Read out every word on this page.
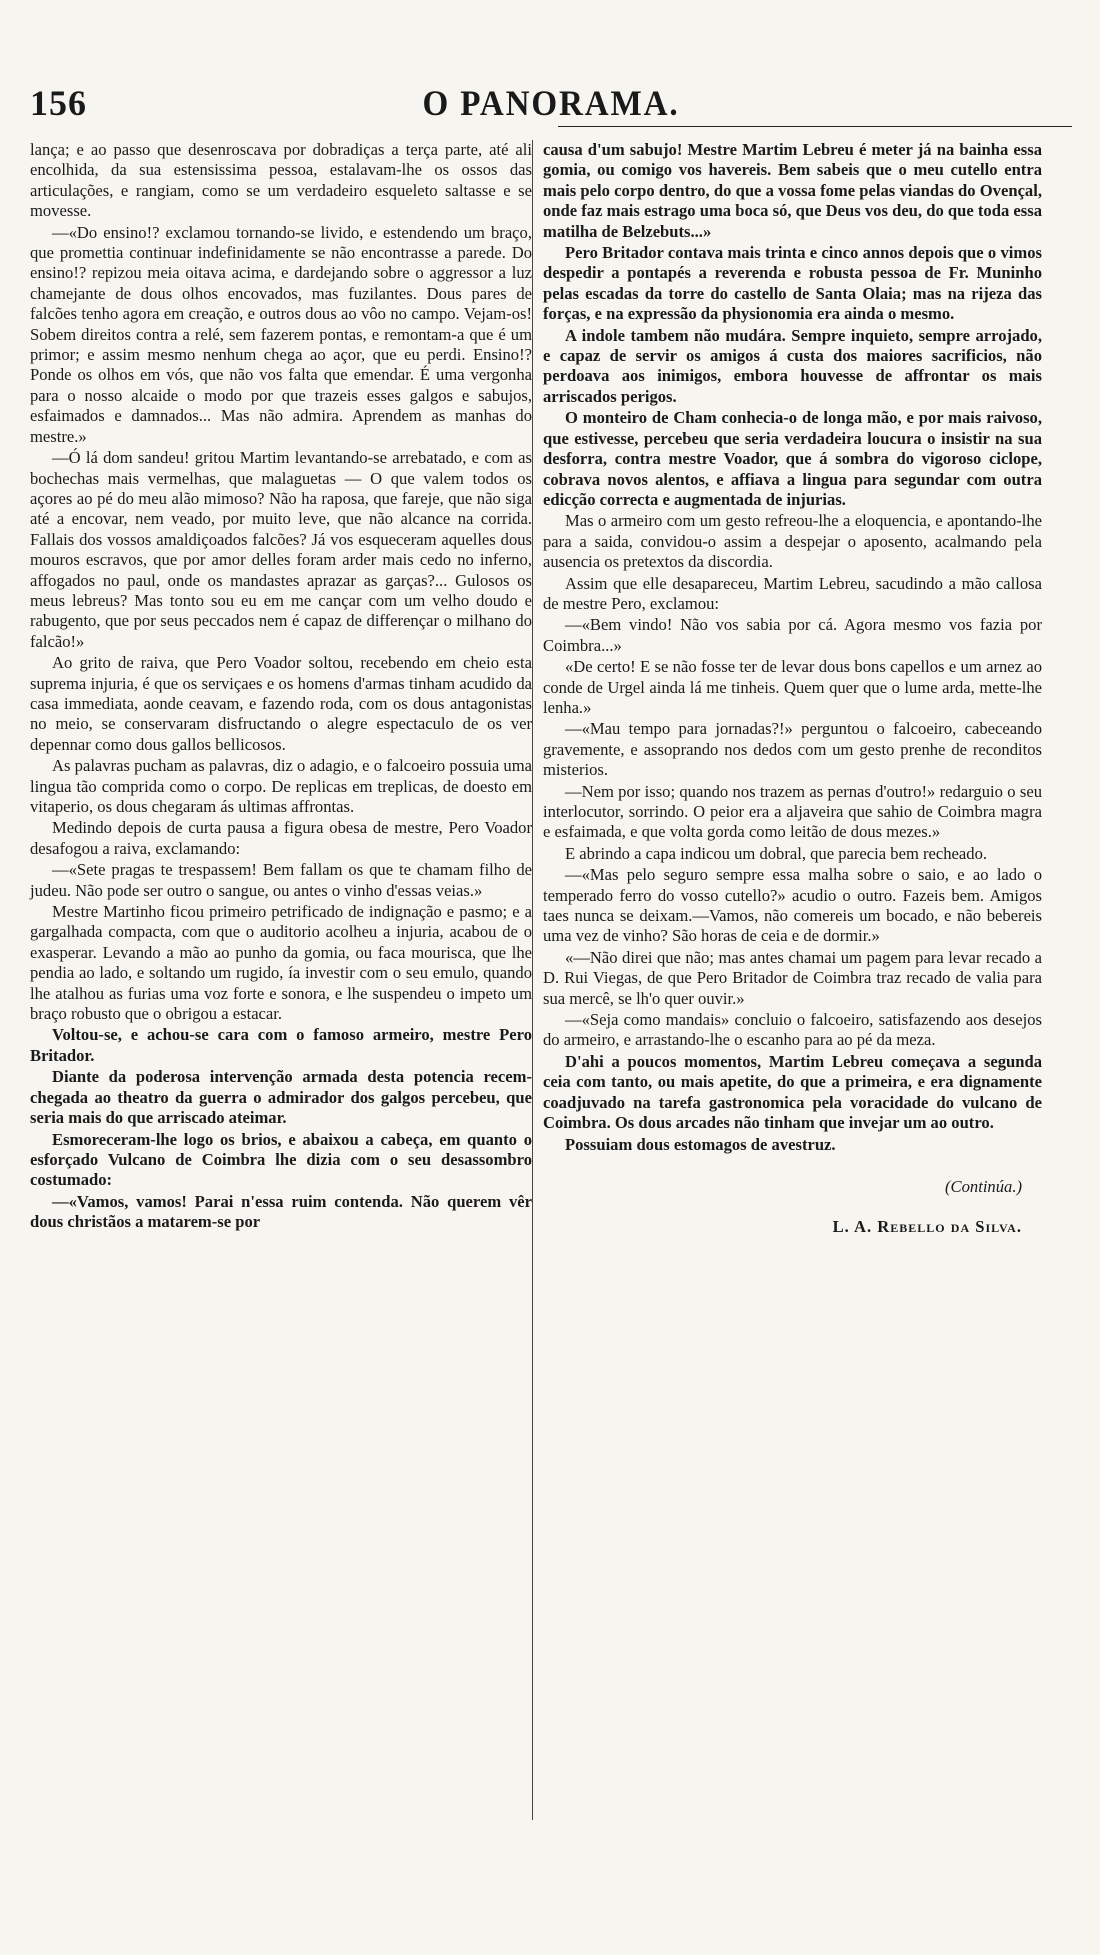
O PANORAMA.
156

lança; e ao passo que desenroscava por dobradiças a terça parte, até ali encolhida, da sua estensissima pessoa, estalavam-lhe os ossos das articulações, e rangiam, como se um verdadeiro esqueleto saltasse e se movesse.

—«Do ensino!? exclamou tornando-se livido, e estendendo um braço, que promettia continuar indefinidamente se não encontrasse a parede. Do ensino!? repizou meia oitava acima, e dardejando sobre o aggressor a luz chamejante de dous olhos encovados, mas fuzilantes. Dous pares de falcões tenho agora em creação, e outros dous ao vôo no campo. Vejam-os! Sobem direitos contra a relé, sem fazerem pontas, e remontam-a que é um primor; e assim mesmo nenhum chega ao açor, que eu perdi. Ensino!? Ponde os olhos em vós, que não vos falta que emendar. É uma vergonha para o nosso alcaide o modo por que trazeis esses galgos e sabujos, esfaimados e damnados... Mas não admira. Aprendem as manhas do mestre.»

—Ó lá dom sandeu! gritou Martim levantando-se arrebatado, e com as bochechas mais vermelhas, que malaguetas — O que valem todos os açores ao pé do meu alão mimoso? Não ha raposa, que fareje, que não siga até a encovar, nem veado, por muito leve, que não alcance na corrida. Fallais dos vossos amaldiçoados falcões? Já vos esqueceram aquelles dous mouros escravos, que por amor delles foram arder mais cedo no inferno, affogados no paul, onde os mandastes aprazar as garças?... Gulosos os meus lebreus? Mas tonto sou eu em me cançar com um velho doudo e rabugento, que por seus peccados nem é capaz de differençar o milhano do falcão!»

Ao grito de raiva, que Pero Voador soltou, recebendo em cheio esta suprema injuria, é que os serviçaes e os homens d'armas tinham acudido da casa immediata, aonde ceavam, e fazendo roda, com os dous antagonistas no meio, se conservaram disfructando o alegre espectaculo de os ver depennar como dous gallos bellicosos.

As palavras pucham as palavras, diz o adagio, e o falcoeiro possuia uma lingua tão comprida como o corpo. De replicas em treplicas, de doesto em vitaperio, os dous chegaram ás ultimas affrontas.

Medindo depois de curta pausa a figura obesa de mestre, Pero Voador desafogou a raiva, exclamando:

—«Sete pragas te trespassem! Bem fallam os que te chamam filho de judeu. Não pode ser outro o sangue, ou antes o vinho d'essas veias.»

Mestre Martinho ficou primeiro petrificado de indignação e pasmo; e a gargalhada compacta, com que o auditorio acolheu a injuria, acabou de o exasperar. Levando a mão ao punho da gomia, ou faca mourisca, que lhe pendia ao lado, e soltando um rugido, ía investir com o seu emulo, quando lhe atalhou as furias uma voz forte e sonora, e lhe suspendeu o impeto um braço robusto que o obrigou a estacar.

Voltou-se, e achou-se cara com o famoso armeiro, mestre Pero Britador.

Diante da poderosa intervenção armada desta potencia recem-chegada ao theatro da guerra o admirador dos galgos percebeu, que seria mais do que arriscado ateimar.

Esmoreceram-lhe logo os brios, e abaixou a cabeça, em quanto o esforçado Vulcano de Coimbra lhe dizia com o seu desassombro costumado:

—«Vamos, vamos! Parai n'essa ruim contenda. Não querem vêr dous christãos a matarem-se por

causa d'um sabujo! Mestre Martim Lebreu é meter já na bainha essa gomia, ou comigo vos havereis. Bem sabeis que o meu cutello entra mais pelo corpo dentro, do que a vossa fome pelas viandas do Ovençal, onde faz mais estrago uma boca só, que Deus vos deu, do que toda essa matilha de Belzebuts...»

Pero Britador contava mais trinta e cinco annos depois que o vimos despedir a pontapés a reverenda e robusta pessoa de Fr. Muninho pelas escadas da torre do castello de Santa Olaia; mas na rijeza das forças, e na expressão da physionomia era ainda o mesmo.

A indole tambem não mudára. Sempre inquieto, sempre arrojado, e capaz de servir os amigos á custa dos maiores sacrificios, não perdoava aos inimigos, embora houvesse de affrontar os mais arriscados perigos.

O monteiro de Cham conhecia-o de longa mão, e por mais raivoso, que estivesse, percebeu que seria verdadeira loucura o insistir na sua desforra, contra mestre Voador, que á sombra do vigoroso ciclope, cobrava novos alentos, e affiava a lingua para segundar com outra edicção correcta e augmentada de injurias.

Mas o armeiro com um gesto refreou-lhe a eloquencia, e apontando-lhe para a saida, convidou-o assim a despejar o aposento, acalmando pela ausencia os pretextos da discordia.

Assim que elle desapareceu, Martim Lebreu, sacudindo a mão callosa de mestre Pero, exclamou:

—«Bem vindo! Não vos sabia por cá. Agora mesmo vos fazia por Coimbra...»

«De certo! E se não fosse ter de levar dous bons capellos e um arnez ao conde de Urgel ainda lá me tinheis. Quem quer que o lume arda, mette-lhe lenha.»

—«Mau tempo para jornadas?!» perguntou o falcoeiro, cabeceando gravemente, e assoprando nos dedos com um gesto prenhe de reconditos misterios.

—Nem por isso; quando nos trazem as pernas d'outro!» redarguio o seu interlocutor, sorrindo. O peior era a aljaveira que sahio de Coimbra magra e esfaimada, e que volta gorda como leitão de dous mezes.»

E abrindo a capa indicou um dobral, que parecia bem recheado.

—«Mas pelo seguro sempre essa malha sobre o saio, e ao lado o temperado ferro do vosso cutello?» acudio o outro. Fazeis bem. Amigos taes nunca se deixam.—Vamos, não comereis um bocado, e não bebereis uma vez de vinho? São horas de ceia e de dormir.»

«—Não direi que não; mas antes chamai um pagem para levar recado a D. Rui Viegas, de que Pero Britador de Coimbra traz recado de valia para sua mercê, se lh'o quer ouvir.»

—«Seja como mandais» concluio o falcoeiro, satisfazendo aos desejos do armeiro, e arrastando-lhe o escanho para ao pé da meza.

D'ahi a poucos momentos, Martim Lebreu começava a segunda ceia com tanto, ou mais apetite, do que a primeira, e era dignamente coadjuvado na tarefa gastronomica pela voracidade do vulcano de Coimbra. Os dous arcades não tinham que invejar um ao outro.

Possuiam dous estomagos de avestruz.

(Continúa.)

L. A. Rebello da Silva.
